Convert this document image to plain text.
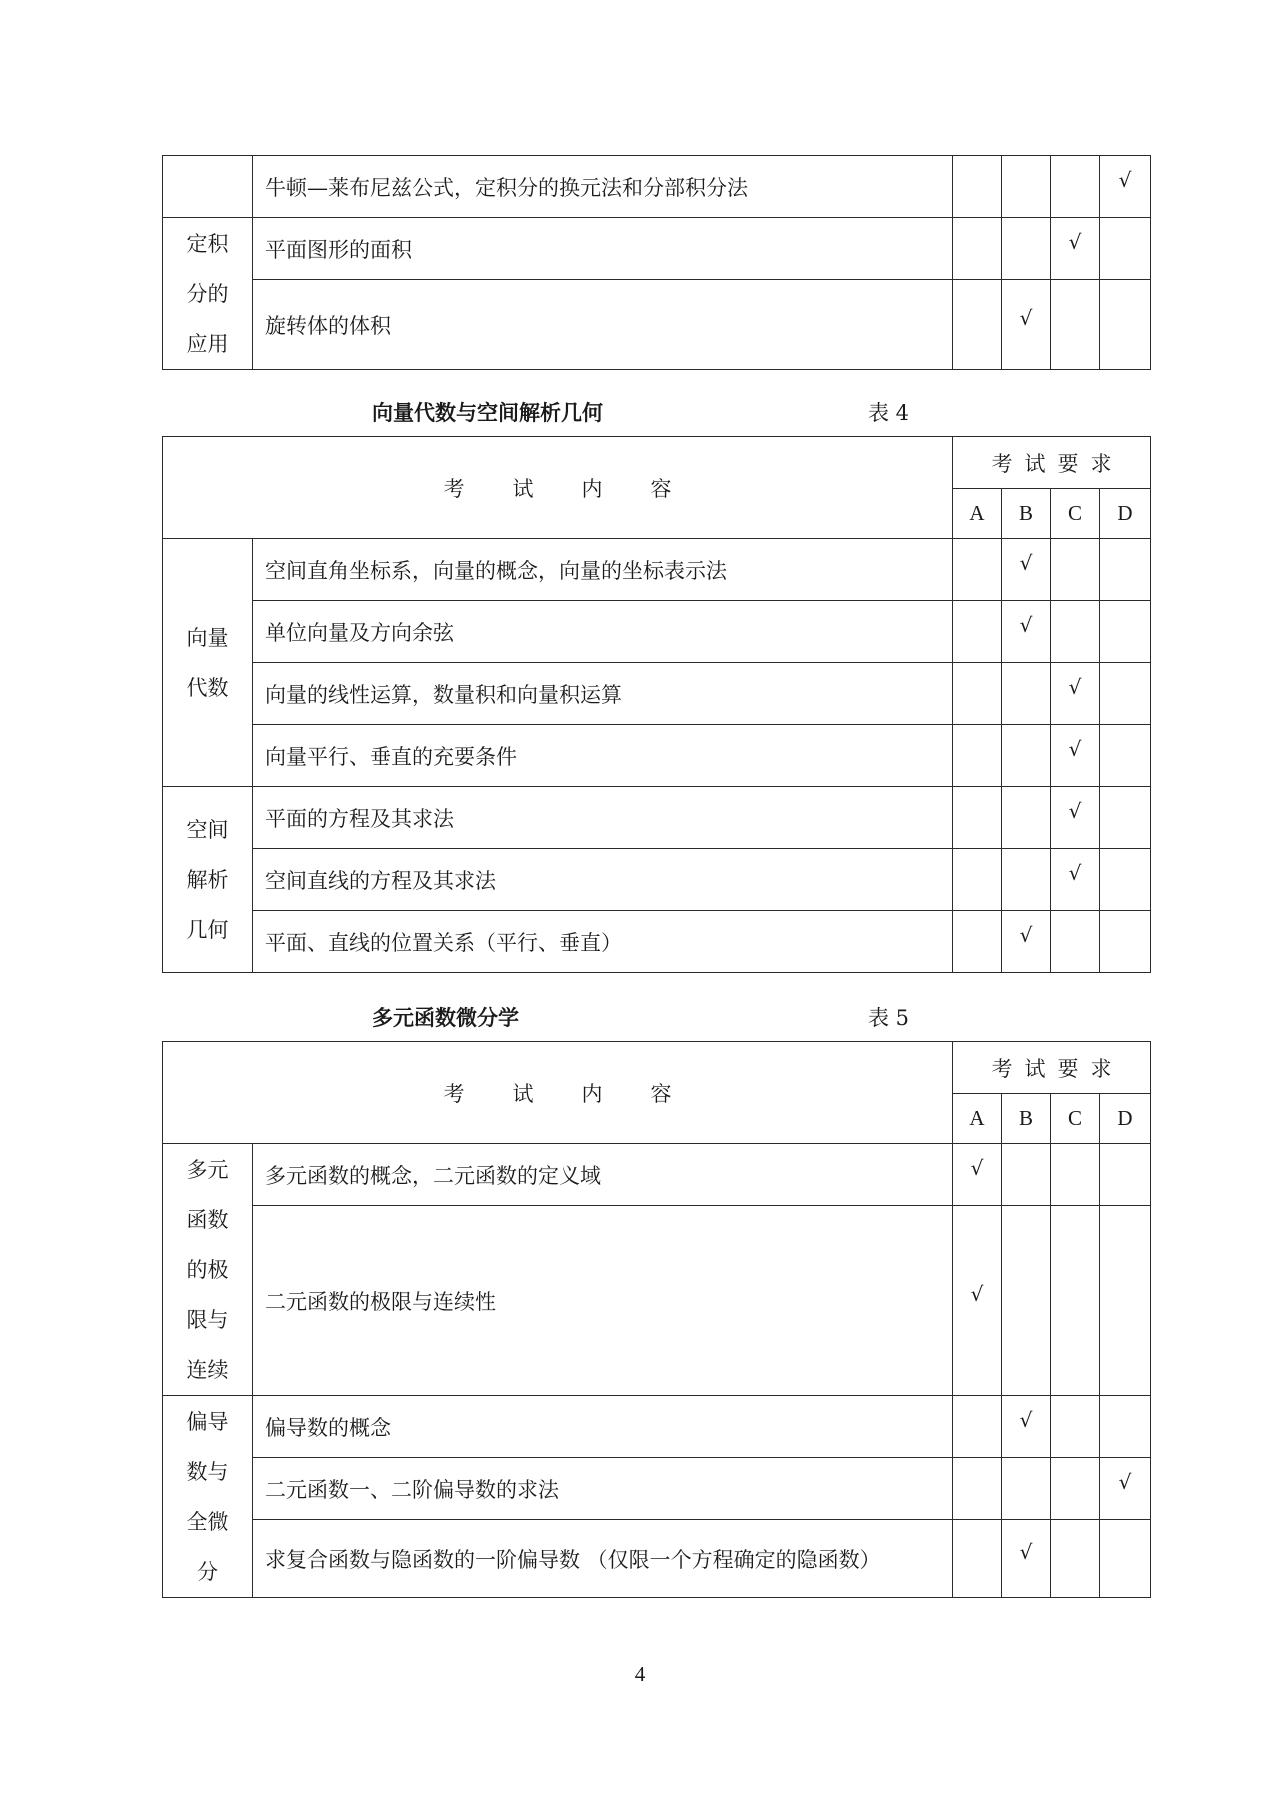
	牛顿—莱布尼兹公式，定积分的换元法和分部积分法				√

定积
分的
应用	平面图形的面积			√	
	旋转体的体积		√		
向量代数与空间解析几何	表 4
考试内容		考试要求			
		A	B	C	D

向量
代数	空间直角坐标系，向量的概念，向量的坐标表示法		√		
	单位向量及方向余弦		√		
	向量的线性运算，数量积和向量积运算			√	
	向量平行、垂直的充要条件			√	

空间
解析
几何	平面的方程及其求法			√	
	空间直线的方程及其求法			√	
	平面、直线的位置关系（平行、垂直）		√		
多元函数微分学	表 5
考试内容		考试要求			
		A	B	C	D

多元
函数
的极
限与
连续	多元函数的概念，二元函数的定义域	√			
	二元函数的极限与连续性	√			

偏导
数与
全微
分	偏导数的概念		√		
	二元函数一、二阶偏导数的求法				√
	求复合函数与隐函数的一阶偏导数 （仅限一个方程确定的隐函数）		√		
4
